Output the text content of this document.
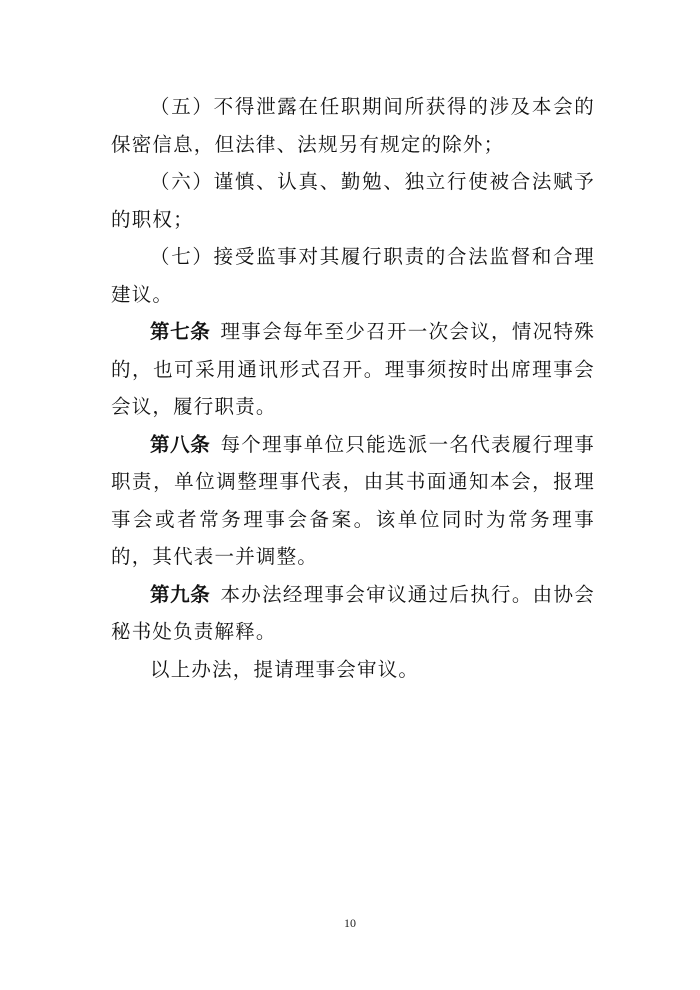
（五）不得泄露在任职期间所获得的涉及本会的保密信息，但法律、法规另有规定的除外；

（六）谨慎、认真、勤勉、独立行使被合法赋予的职权；

（七）接受监事对其履行职责的合法监督和合理建议。

第七条 理事会每年至少召开一次会议，情况特殊的，也可采用通讯形式召开。理事须按时出席理事会会议，履行职责。

第八条 每个理事单位只能选派一名代表履行理事职责，单位调整理事代表，由其书面通知本会，报理事会或者常务理事会备案。该单位同时为常务理事的，其代表一并调整。

第九条 本办法经理事会审议通过后执行。由协会秘书处负责解释。

以上办法，提请理事会审议。

10
